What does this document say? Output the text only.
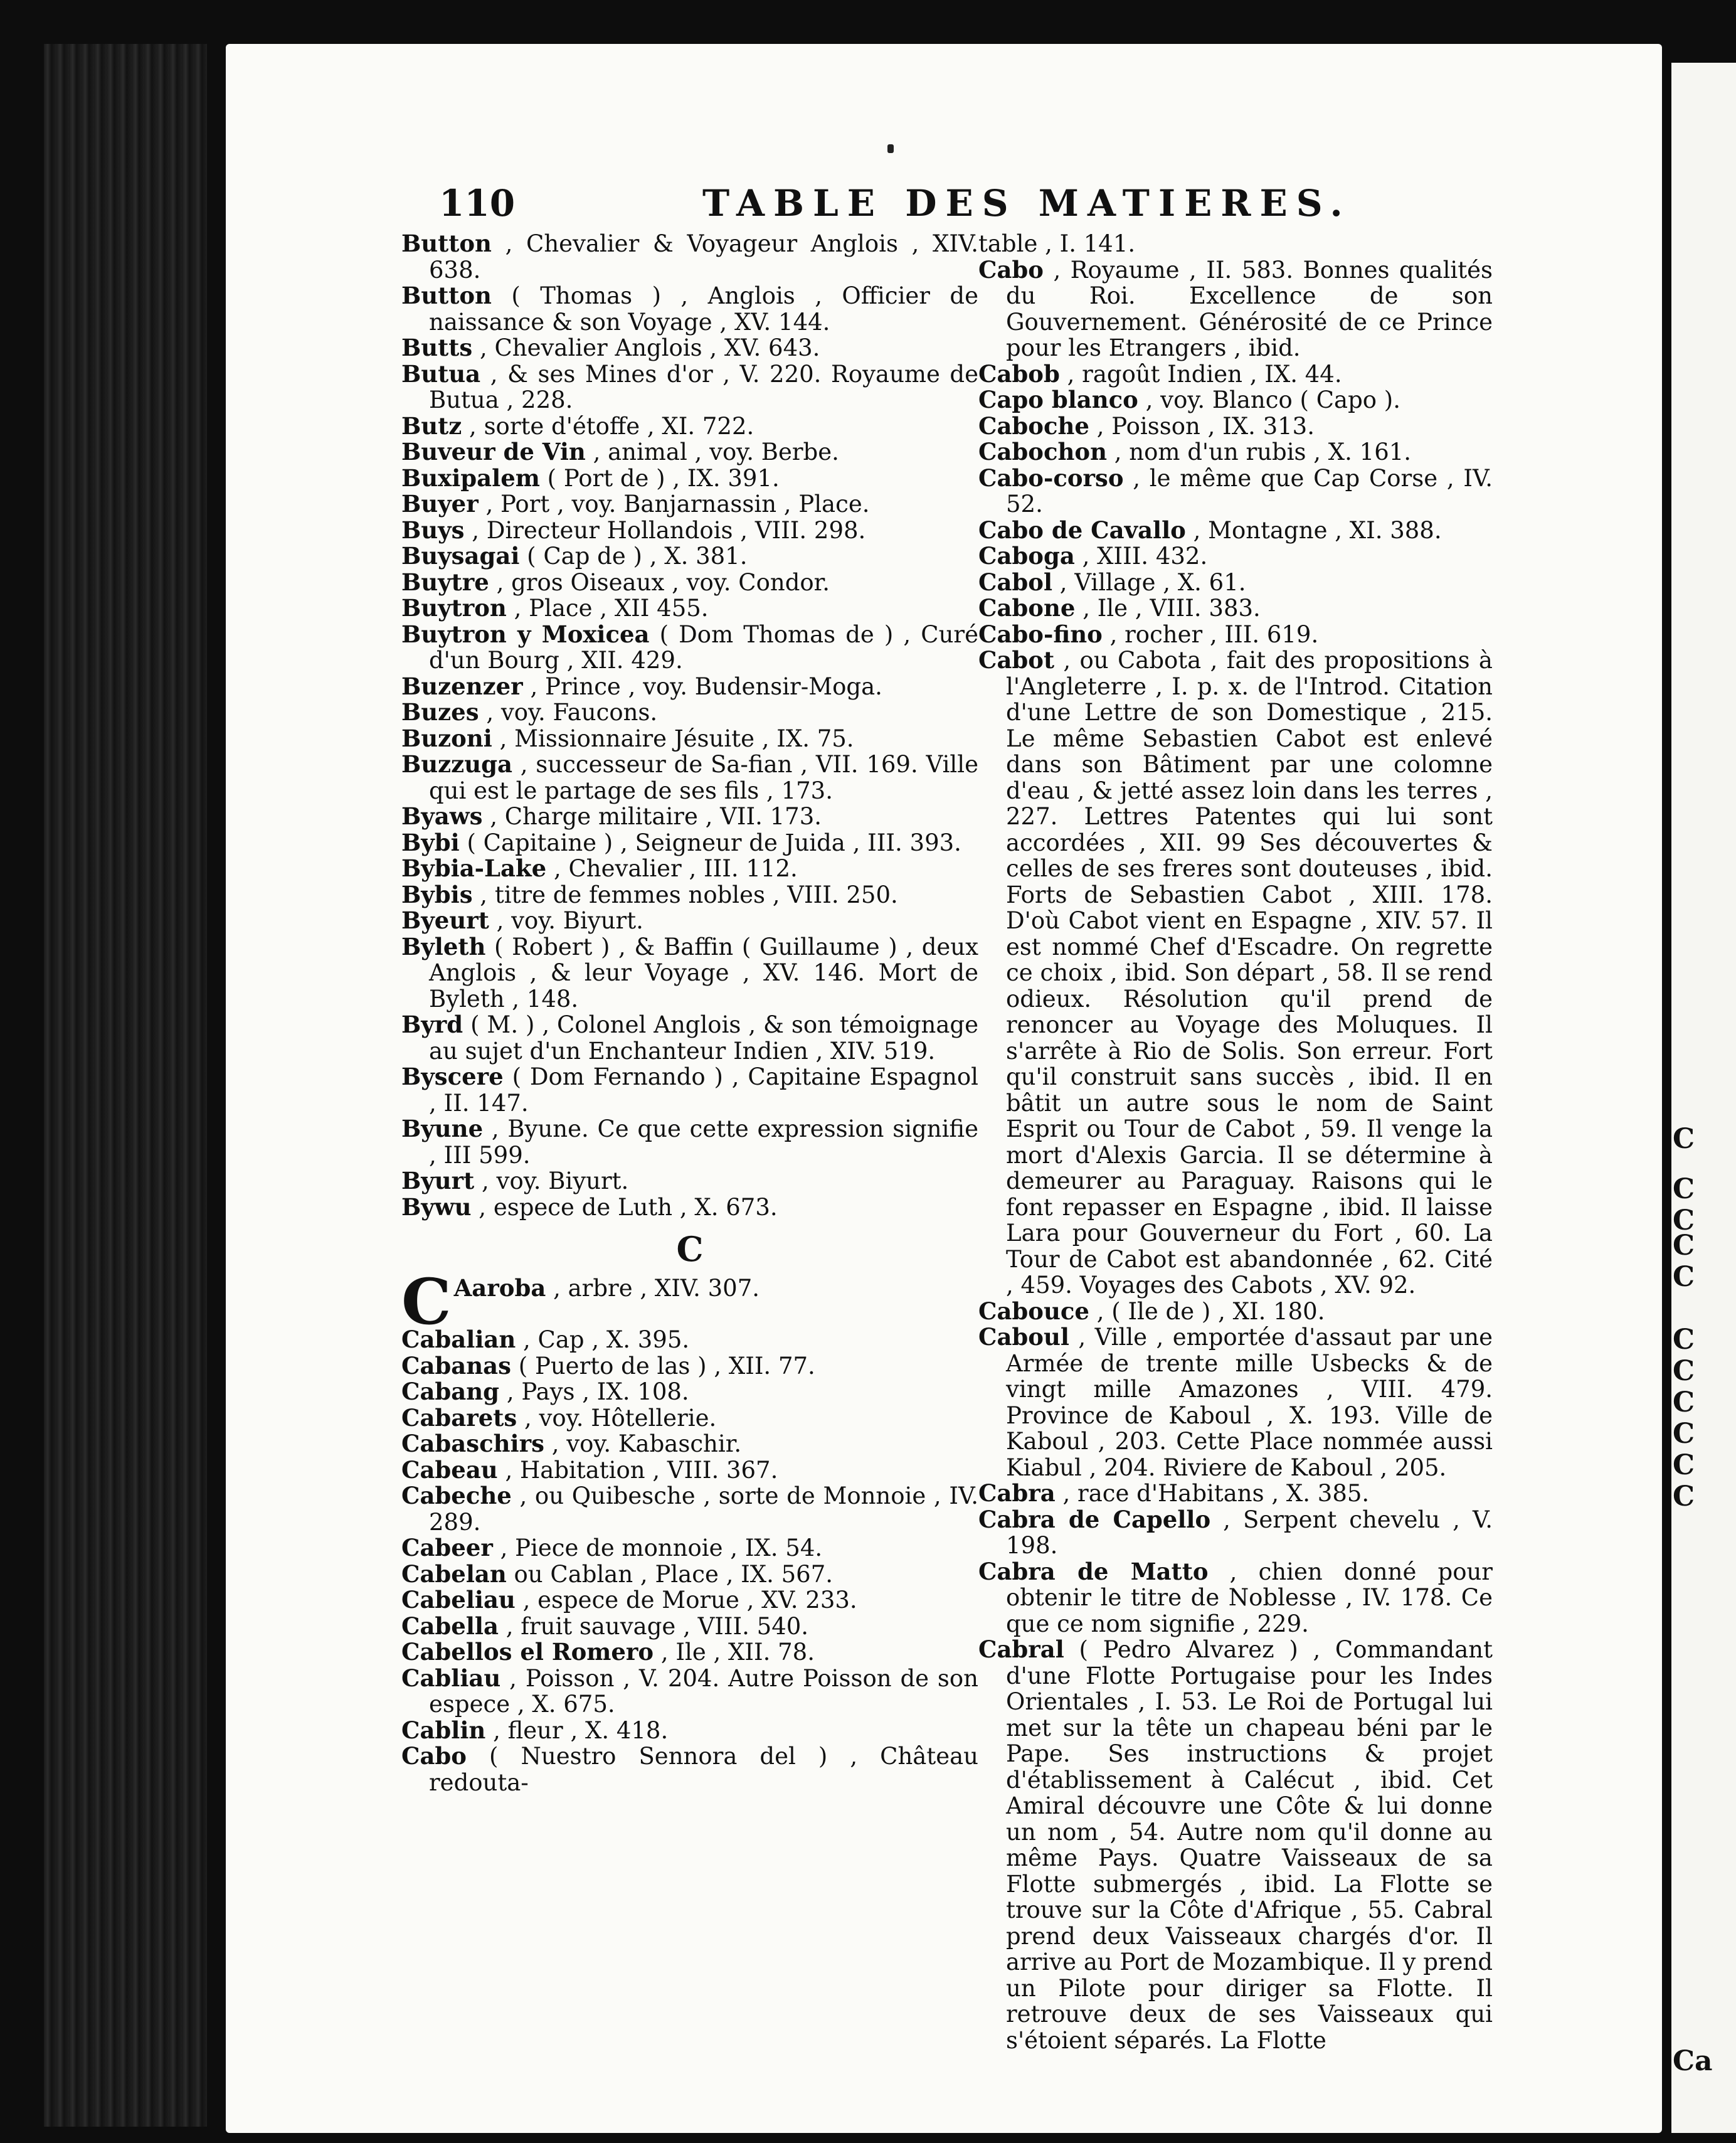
C
C
C
C
C
C
C
C
C
C
C
Ca
110	TABLE DES MATIERES.

Button , Chevalier & Voyageur Anglois , XIV. 638.

Button ( Thomas ) , Anglois , Officier de naissance & son Voyage , XV. 144.

Butts , Chevalier Anglois , XV. 643.

Butua , & ses Mines d'or , V. 220. Royaume de Butua , 228.

Butz , sorte d'étoffe , XI. 722.

Buveur de Vin , animal , voy. Berbe.

Buxipalem ( Port de ) , IX. 391.

Buyer , Port , voy. Banjarnassin , Place.

Buys , Directeur Hollandois , VIII. 298.

Buysagai ( Cap de ) , X. 381.

Buytre , gros Oiseaux , voy. Condor.

Buytron , Place , XII 455.

Buytron y Moxicea ( Dom Thomas de ) , Curé d'un Bourg , XII. 429.

Buzenzer , Prince , voy. Budensir-Moga.

Buzes , voy. Faucons.

Buzoni , Missionnaire Jésuite , IX. 75.

Buzzuga , successeur de Sa-fian , VII. 169. Ville qui est le partage de ses fils , 173.

Byaws , Charge militaire , VII. 173.

Bybi ( Capitaine ) , Seigneur de Juida , III. 393.

Bybia-Lake , Chevalier , III. 112.

Bybis , titre de femmes nobles , VIII. 250.

Byeurt , voy. Biyurt.

Byleth ( Robert ) , & Baffin ( Guillaume ) , deux Anglois , & leur Voyage , XV. 146. Mort de Byleth , 148.

Byrd ( M. ) , Colonel Anglois , & son témoignage au sujet d'un Enchanteur Indien , XIV. 519.

Byscere ( Dom Fernando ) , Capitaine Espagnol , II. 147.

Byune , Byune. Ce que cette expression signifie , III 599.

Byurt , voy. Biyurt.

Bywu , espece de Luth , X. 673.

C

C Aaroba , arbre , XIV. 307.

Cabalian , Cap , X. 395.

Cabanas ( Puerto de las ) , XII. 77.

Cabang , Pays , IX. 108.

Cabarets , voy. Hôtellerie.

Cabaschirs , voy. Kabaschir.

Cabeau , Habitation , VIII. 367.

Cabeche , ou Quibesche , sorte de Monnoie , IV. 289.

Cabeer , Piece de monnoie , IX. 54.

Cabelan ou Cablan , Place , IX. 567.

Cabeliau , espece de Morue , XV. 233.

Cabella , fruit sauvage , VIII. 540.

Cabellos el Romero , Ile , XII. 78.

Cabliau , Poisson , V. 204. Autre Poisson de son espece , X. 675.

Cablin , fleur , X. 418.

Cabo ( Nuestro Sennora del ) , Château redouta-

table , I. 141.

Cabo , Royaume , II. 583. Bonnes qualités du Roi. Excellence de son Gouvernement. Générosité de ce Prince pour les Etrangers , ibid.

Cabob , ragoût Indien , IX. 44.

Capo blanco , voy. Blanco ( Capo ).

Caboche , Poisson , IX. 313.

Cabochon , nom d'un rubis , X. 161.

Cabo-corso , le même que Cap Corse , IV. 52.

Cabo de Cavallo , Montagne , XI. 388.

Caboga , XIII. 432.

Cabol , Village , X. 61.

Cabone , Ile , VIII. 383.

Cabo-fino , rocher , III. 619.

Cabot , ou Cabota , fait des propositions à l'Angleterre , I. p. x. de l'Introd. Citation d'une Lettre de son Domestique , 215. Le même Sebastien Cabot est enlevé dans son Bâtiment par une colomne d'eau , & jetté assez loin dans les terres , 227. Lettres Patentes qui lui sont accordées , XII. 99 Ses découvertes & celles de ses freres sont douteuses , ibid. Forts de Sebastien Cabot , XIII. 178. D'où Cabot vient en Espagne , XIV. 57. Il est nommé Chef d'Escadre. On regrette ce choix , ibid. Son départ , 58. Il se rend odieux. Résolution qu'il prend de renoncer au Voyage des Moluques. Il s'arrête à Rio de Solis. Son erreur. Fort qu'il construit sans succès , ibid. Il en bâtit un autre sous le nom de Saint Esprit ou Tour de Cabot , 59. Il venge la mort d'Alexis Garcia. Il se détermine à demeurer au Paraguay. Raisons qui le font repasser en Espagne , ibid. Il laisse Lara pour Gouverneur du Fort , 60. La Tour de Cabot est abandonnée , 62. Cité , 459. Voyages des Cabots , XV. 92.

Cabouce , ( Ile de ) , XI. 180.

Caboul , Ville , emportée d'assaut par une Armée de trente mille Usbecks & de vingt mille Amazones , VIII. 479. Province de Kaboul , X. 193. Ville de Kaboul , 203. Cette Place nommée aussi Kiabul , 204. Riviere de Kaboul , 205.

Cabra , race d'Habitans , X. 385.

Cabra de Capello , Serpent chevelu , V. 198.

Cabra de Matto , chien donné pour obtenir le titre de Noblesse , IV. 178. Ce que ce nom signifie , 229.

Cabral ( Pedro Alvarez ) , Commandant d'une Flotte Portugaise pour les Indes Orientales , I. 53. Le Roi de Portugal lui met sur la tête un chapeau béni par le Pape. Ses instructions & projet d'établissement à Calécut , ibid. Cet Amiral découvre une Côte & lui donne un nom , 54. Autre nom qu'il donne au même Pays. Quatre Vaisseaux de sa Flotte submergés , ibid. La Flotte se trouve sur la Côte d'Afrique , 55. Cabral prend deux Vaisseaux chargés d'or. Il arrive au Port de Mozambique. Il y prend un Pilote pour diriger sa Flotte. Il retrouve deux de ses Vaisseaux qui s'étoient séparés. La Flotte
